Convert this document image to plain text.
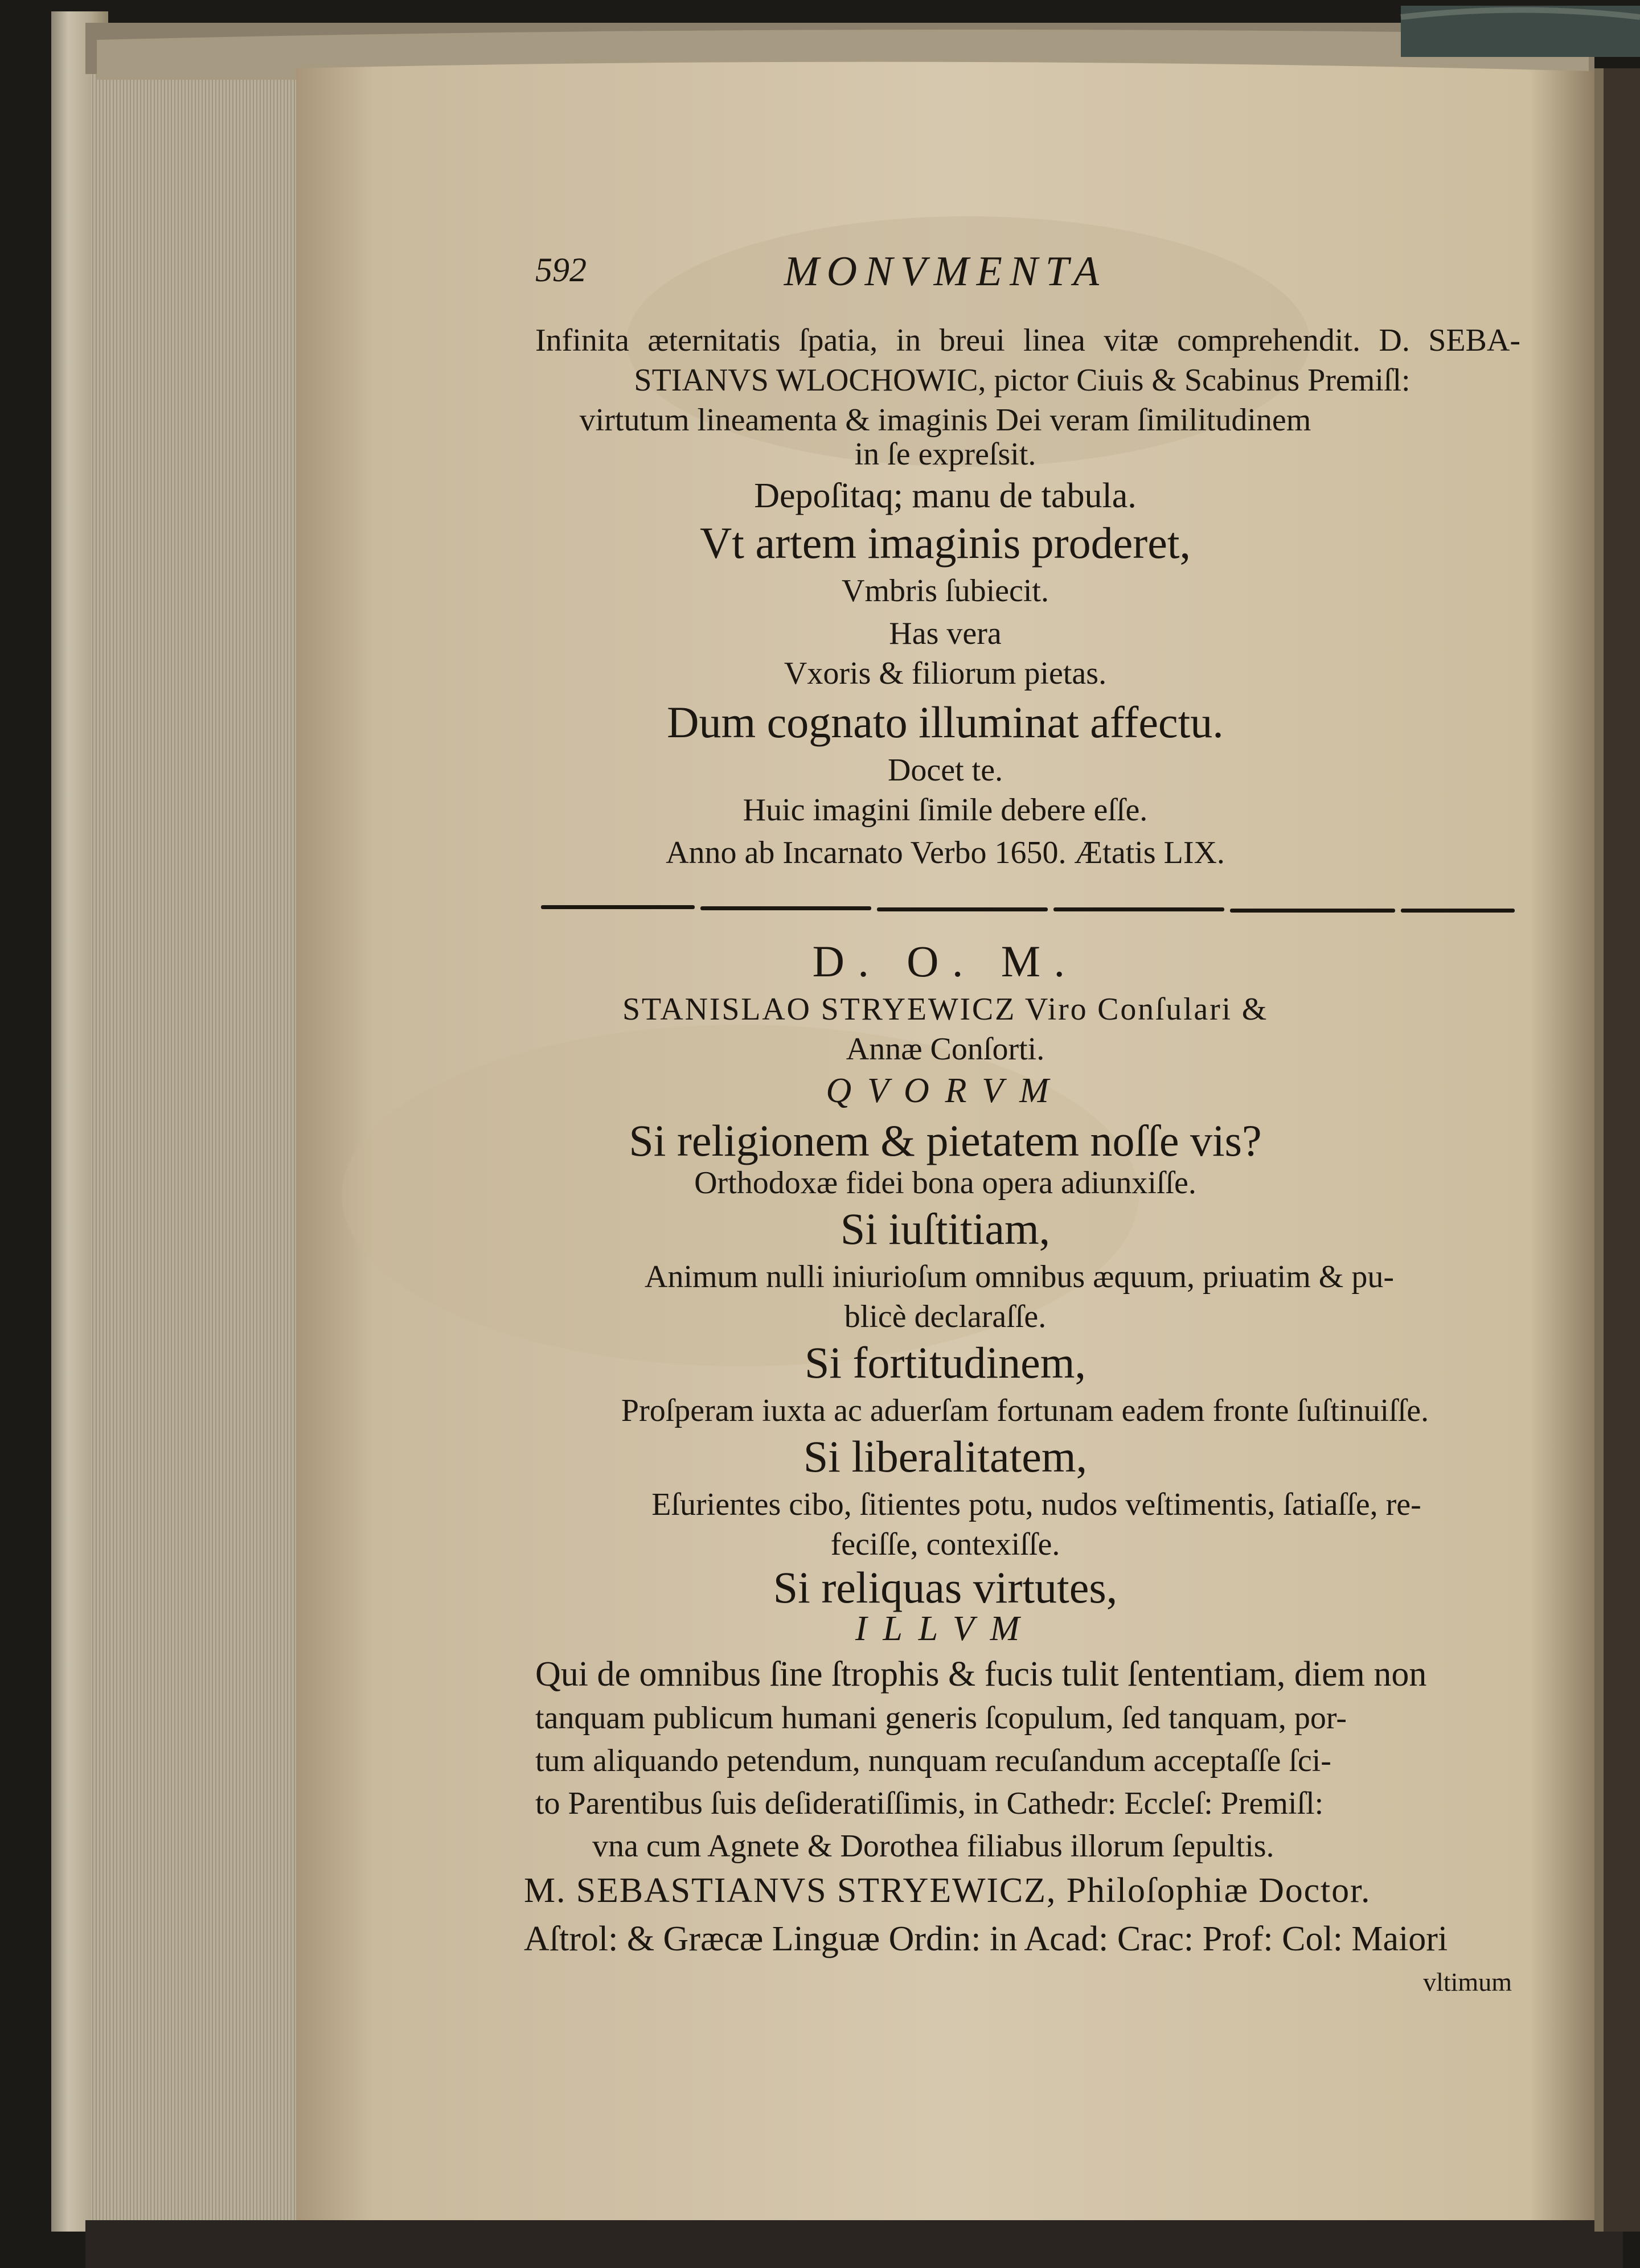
592	MONVMENTA
Infinita æternitatis ſpatia, in breui linea vitæ comprehendit. D. SEBA-
STIANVS WLOCHOWIC, pictor Ciuis & Scabinus Premiſl:
virtutum lineamenta & imaginis Dei veram ſimilitudinem
in ſe expreſsit.
Depoſitaq; manu de tabula.
Vt artem imaginis proderet,
Vmbris ſubiecit.
Has vera
Vxoris & filiorum pietas.
Dum cognato illuminat affectu.
Docet te.
Huic imagini ſimile debere eſſe.
Anno ab Incarnato Verbo 1650. Ætatis LIX.
D. O. M.
STANISLAO STRYEWICZ Viro Conſulari &
Annæ Conſorti.
QVORVM
Si religionem & pietatem noſſe vis?
Orthodoxæ fidei bona opera adiunxiſſe.
Si iuſtitiam,
Animum nulli iniurioſum omnibus æquum, priuatim & pu-
blicè declaraſſe.
Si fortitudinem,
Proſperam iuxta ac aduerſam fortunam eadem fronte ſuſtinuiſſe.
Si liberalitatem,
Eſurientes cibo, ſitientes potu, nudos veſtimentis, ſatiaſſe, re-
feciſſe, contexiſſe.
Si reliquas virtutes,
ILLVM
Qui de omnibus ſine ſtrophis & fucis tulit ſententiam, diem non
tanquam publicum humani generis ſcopulum, ſed tanquam, por-
tum aliquando petendum, nunquam recuſandum acceptaſſe ſci-
to Parentibus ſuis deſideratiſſimis, in Cathedr: Eccleſ: Premiſl:
vna cum Agnete & Dorothea filiabus illorum ſepultis.
M. SEBASTIANVS STRYEWICZ, Philoſophiæ Doctor.
Aſtrol: & Græcæ Linguæ Ordin: in Acad: Crac: Prof: Col: Maiori
vltimum
